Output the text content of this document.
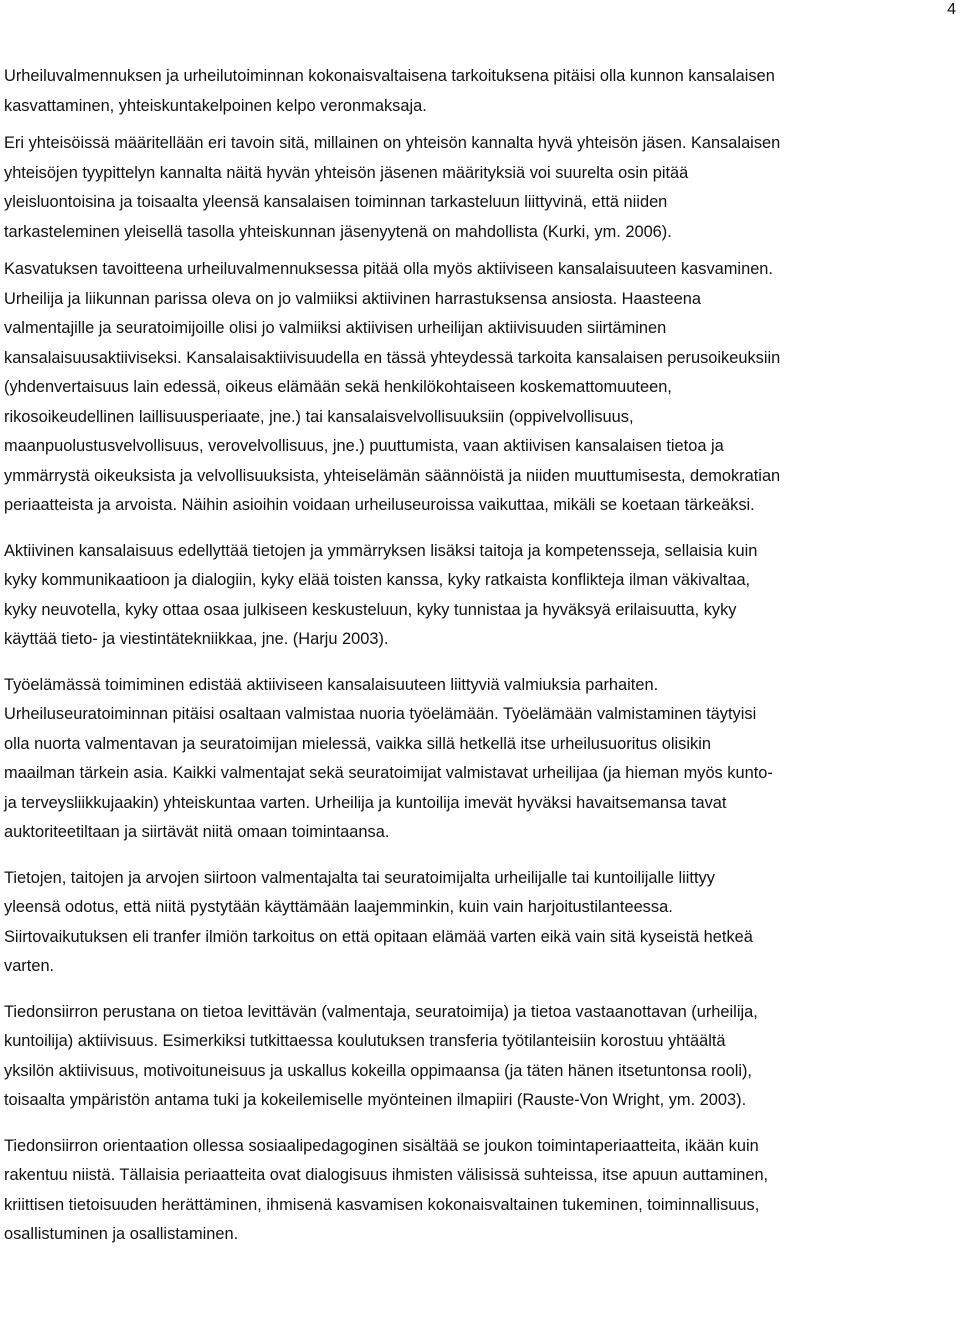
4

Urheiluvalmennuksen ja urheilutoiminnan kokonaisvaltaisena tarkoituksena pitäisi olla kunnon kansalaisen
kasvattaminen, yhteiskuntakelpoinen kelpo veronmaksaja.

Eri yhteisöissä määritellään eri tavoin sitä, millainen on yhteisön kannalta hyvä yhteisön jäsen. Kansalaisen
yhteisöjen tyypittelyn kannalta näitä hyvän yhteisön jäsenen määrityksiä voi suurelta osin pitää
yleisluontoisina ja toisaalta yleensä kansalaisen toiminnan tarkasteluun liittyvinä, että niiden
tarkasteleminen yleisellä tasolla yhteiskunnan jäsenyytenä on mahdollista (Kurki, ym. 2006).

Kasvatuksen tavoitteena urheiluvalmennuksessa pitää olla myös aktiiviseen kansalaisuuteen kasvaminen.
Urheilija ja liikunnan parissa oleva on jo valmiiksi aktiivinen harrastuksensa ansiosta. Haasteena
valmentajille ja seuratoimijoille olisi jo valmiiksi aktiivisen urheilijan aktiivisuuden siirtäminen
kansalaisuusaktiiviseksi. Kansalaisaktiivisuudella en tässä yhteydessä tarkoita kansalaisen perusoikeuksiin
(yhdenvertaisuus lain edessä, oikeus elämään sekä henkilökohtaiseen koskemattomuuteen,
rikosoikeudellinen laillisuusperiaate, jne.) tai kansalaisvelvollisuuksiin (oppivelvollisuus,
maanpuolustusvelvollisuus, verovelvollisuus, jne.) puuttumista, vaan aktiivisen kansalaisen tietoa ja
ymmärrystä oikeuksista ja velvollisuuksista, yhteiselämän säännöistä ja niiden muuttumisesta, demokratian
periaatteista ja arvoista. Näihin asioihin voidaan urheiluseuroissa vaikuttaa, mikäli se koetaan tärkeäksi.

Aktiivinen kansalaisuus edellyttää tietojen ja ymmärryksen lisäksi taitoja ja kompetensseja, sellaisia kuin
kyky kommunikaatioon ja dialogiin, kyky elää toisten kanssa, kyky ratkaista konflikteja ilman väkivaltaa,
kyky neuvotella, kyky ottaa osaa julkiseen keskusteluun, kyky tunnistaa ja hyväksyä erilaisuutta, kyky
käyttää tieto- ja viestintätekniikkaa, jne. (Harju 2003).

Työelämässä toimiminen edistää aktiiviseen kansalaisuuteen liittyviä valmiuksia parhaiten.
Urheiluseuratoiminnan pitäisi osaltaan valmistaa nuoria työelämään. Työelämään valmistaminen täytyisi
olla nuorta valmentavan ja seuratoimijan mielessä, vaikka sillä hetkellä itse urheilusuoritus olisikin
maailman tärkein asia. Kaikki valmentajat sekä seuratoimijat valmistavat urheilijaa (ja hieman myös kunto-
ja terveysliikkujaakin) yhteiskuntaa varten. Urheilija ja kuntoilija imevät hyväksi havaitsemansa tavat
auktoriteetiltaan ja siirtävät niitä omaan toimintaansa.

Tietojen, taitojen ja arvojen siirtoon valmentajalta tai seuratoimijalta urheilijalle tai kuntoilijalle liittyy
yleensä odotus, että niitä pystytään käyttämään laajemminkin, kuin vain harjoitustilanteessa.
Siirtovaikutuksen eli tranfer ilmiön tarkoitus on että opitaan elämää varten eikä vain sitä kyseistä hetkeä
varten.

Tiedonsiirron perustana on tietoa levittävän (valmentaja, seuratoimija) ja tietoa vastaanottavan (urheilija,
kuntoilija) aktiivisuus. Esimerkiksi tutkittaessa koulutuksen transferia työtilanteisiin korostuu yhtäältä
yksilön aktiivisuus, motivoituneisuus ja uskallus kokeilla oppimaansa (ja täten hänen itsetuntonsa rooli),
toisaalta ympäristön antama tuki ja kokeilemiselle myönteinen ilmapiiri (Rauste-Von Wright, ym. 2003).

Tiedonsiirron orientaation ollessa sosiaalipedagoginen sisältää se joukon toimintaperiaatteita, ikään kuin
rakentuu niistä. Tällaisia periaatteita ovat dialogisuus ihmisten välisissä suhteissa, itse apuun auttaminen,
kriittisen tietoisuuden herättäminen, ihmisenä kasvamisen kokonaisvaltainen tukeminen, toiminnallisuus,
osallistuminen ja osallistaminen.
